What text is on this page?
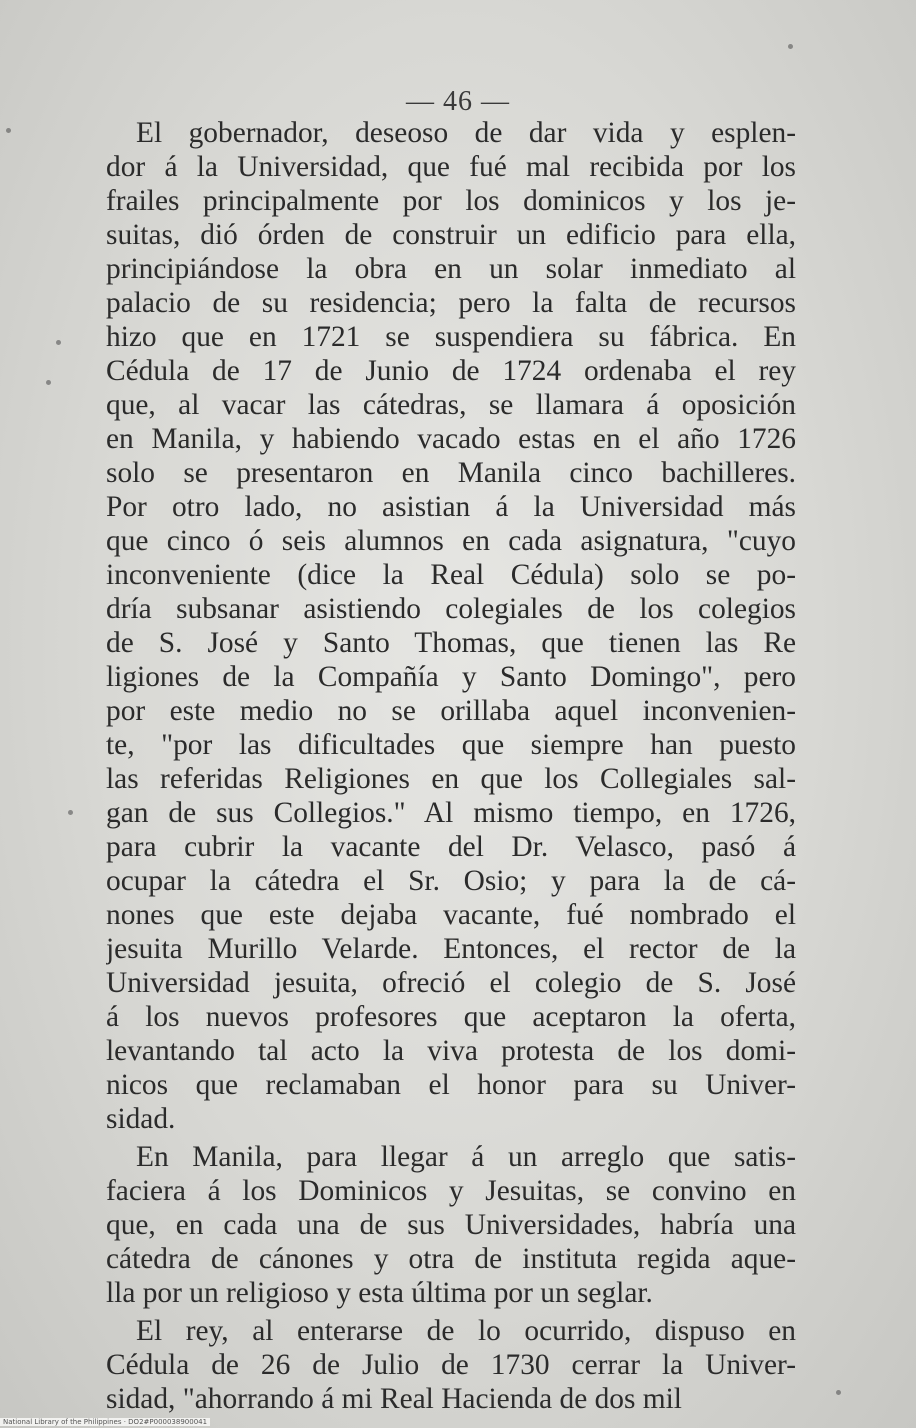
— 46 —
El gobernador, deseoso de dar vida y esplen-
dor á la Universidad, que fué mal recibida por los
frailes principalmente por los dominicos y los je-
suitas, dió órden de construir un edificio para ella,
principiándose la obra en un solar inmediato al
palacio de su residencia; pero la falta de recursos
hizo que en 1721 se suspendiera su fábrica. En
Cédula de 17 de Junio de 1724 ordenaba el rey
que, al vacar las cátedras, se llamara á oposición
en Manila, y habiendo vacado estas en el año 1726
solo se presentaron en Manila cinco bachilleres.
Por otro lado, no asistian á la Universidad más
que cinco ó seis alumnos en cada asignatura, "cuyo
inconveniente (dice la Real Cédula) solo se po-
dría subsanar asistiendo colegiales de los colegios
de S. José y Santo Thomas, que tienen las Re
ligiones de la Compañía y Santo Domingo", pero
por este medio no se orillaba aquel inconvenien-
te, "por las dificultades que siempre han puesto
las referidas Religiones en que los Collegiales sal-
gan de sus Collegios." Al mismo tiempo, en 1726,
para cubrir la vacante del Dr. Velasco, pasó á
ocupar la cátedra el Sr. Osio; y para la de cá-
nones que este dejaba vacante, fué nombrado el
jesuita Murillo Velarde. Entonces, el rector de la
Universidad jesuita, ofreció el colegio de S. José
á los nuevos profesores que aceptaron la oferta,
levantando tal acto la viva protesta de los domi-
nicos que reclamaban el honor para su Univer-
sidad.
En Manila, para llegar á un arreglo que satis-
faciera á los Dominicos y Jesuitas, se convino en
que, en cada una de sus Universidades, habría una
cátedra de cánones y otra de instituta regida aque-
lla por un religioso y esta última por un seglar.
El rey, al enterarse de lo ocurrido, dispuso en
Cédula de 26 de Julio de 1730 cerrar la Univer-
sidad, "ahorrando á mi Real Hacienda de dos mil
National Library of the Philippines · DO2#P000038900041
